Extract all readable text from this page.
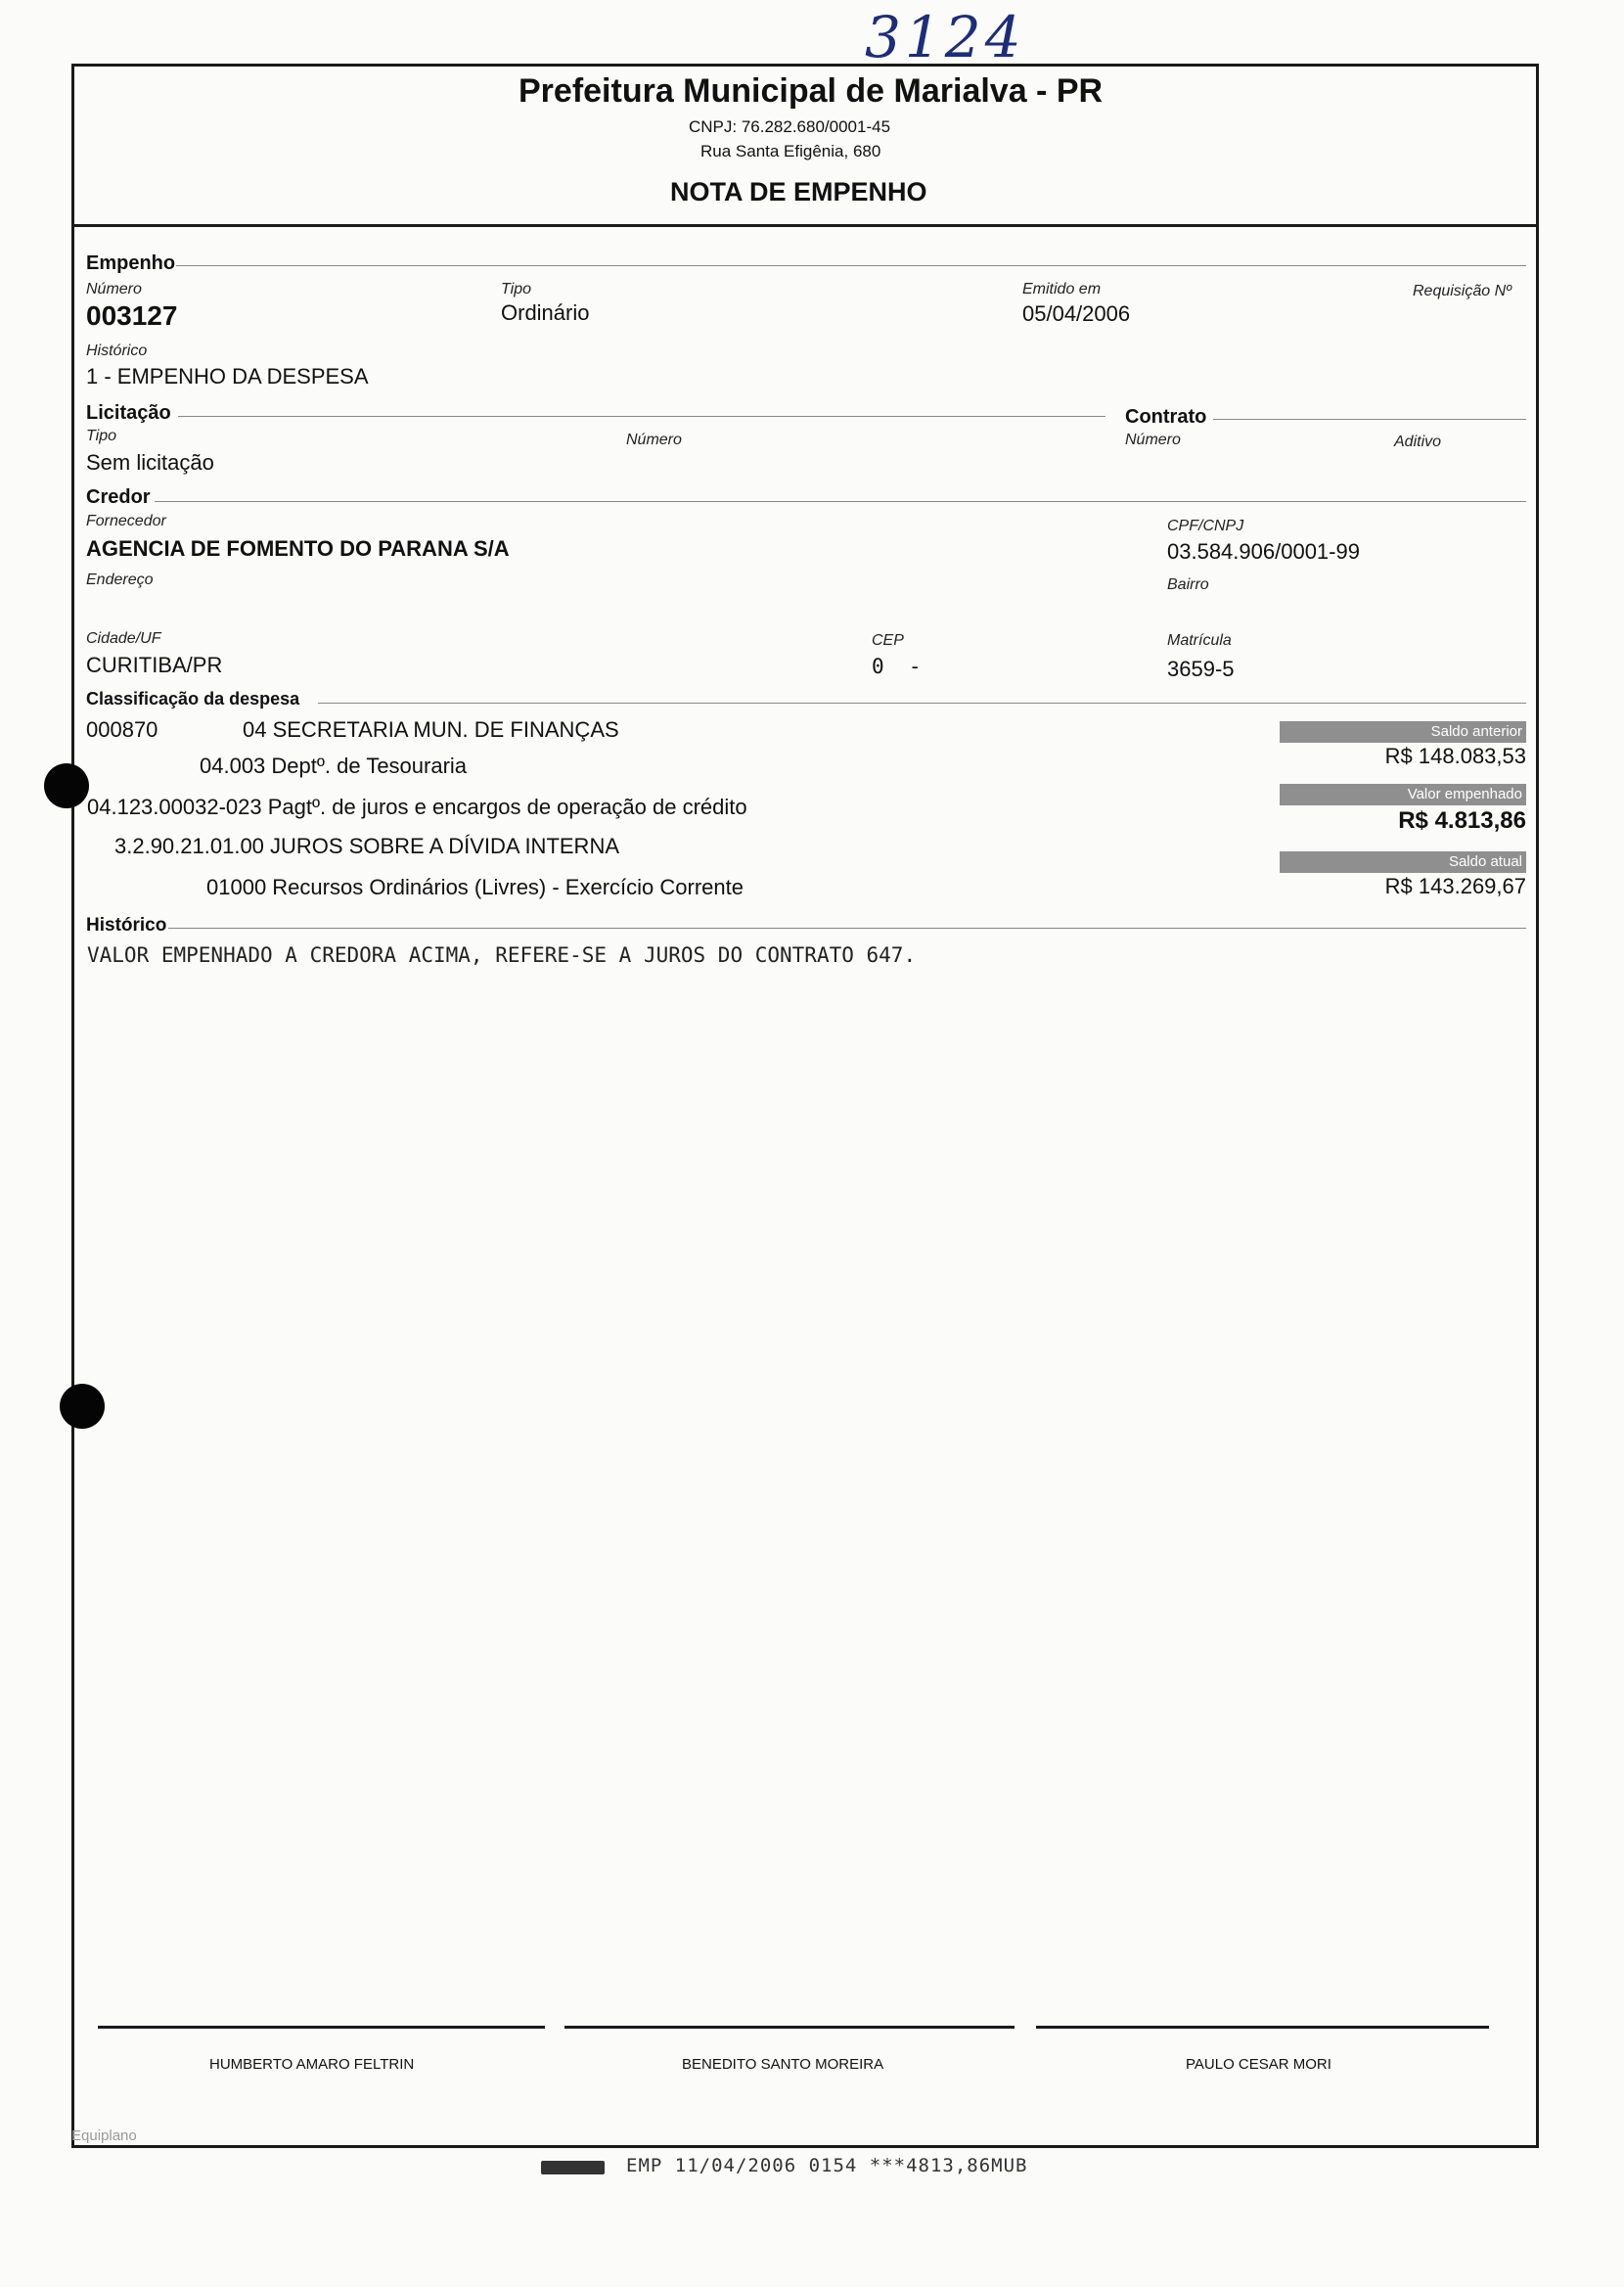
3124
Prefeitura Municipal de Marialva - PR
CNPJ: 76.282.680/0001-45
Rua Santa Efigênia, 680
NOTA DE EMPENHO
Empenho
Número
003127
Tipo
Ordinário
Emitido em
05/04/2006
Requisição Nº
Histórico
1 - EMPENHO DA DESPESA
Licitação	Contrato
Tipo
Sem licitação
Número	Número	Aditivo
Credor
Fornecedor
AGENCIA DE FOMENTO DO PARANA S/A
CPF/CNPJ
03.584.906/0001-99
Endereço	Bairro
Cidade/UF
CURITIBA/PR
CEP
0  -
Matrícula
3659-5
Classificação da despesa
000870	04 SECRETARIA MUN. DE FINANÇAS
04.003 Deptº. de Tesouraria
04.123.00032-023 Pagtº. de juros e encargos de operação de crédito
3.2.90.21.01.00 JUROS SOBRE A DÍVIDA INTERNA
01000 Recursos Ordinários (Livres) - Exercício Corrente
Saldo anterior
R$ 148.083,53
Valor empenhado
R$ 4.813,86
Saldo atual
R$ 143.269,67
Histórico
VALOR EMPENHADO A CREDORA ACIMA, REFERE-SE A JUROS DO CONTRATO 647.
HUMBERTO AMARO FELTRIN	BENEDITO SANTO MOREIRA	PAULO CESAR MORI
Equiplano
EMP 11/04/2006 0154 ***4813,86MUB
